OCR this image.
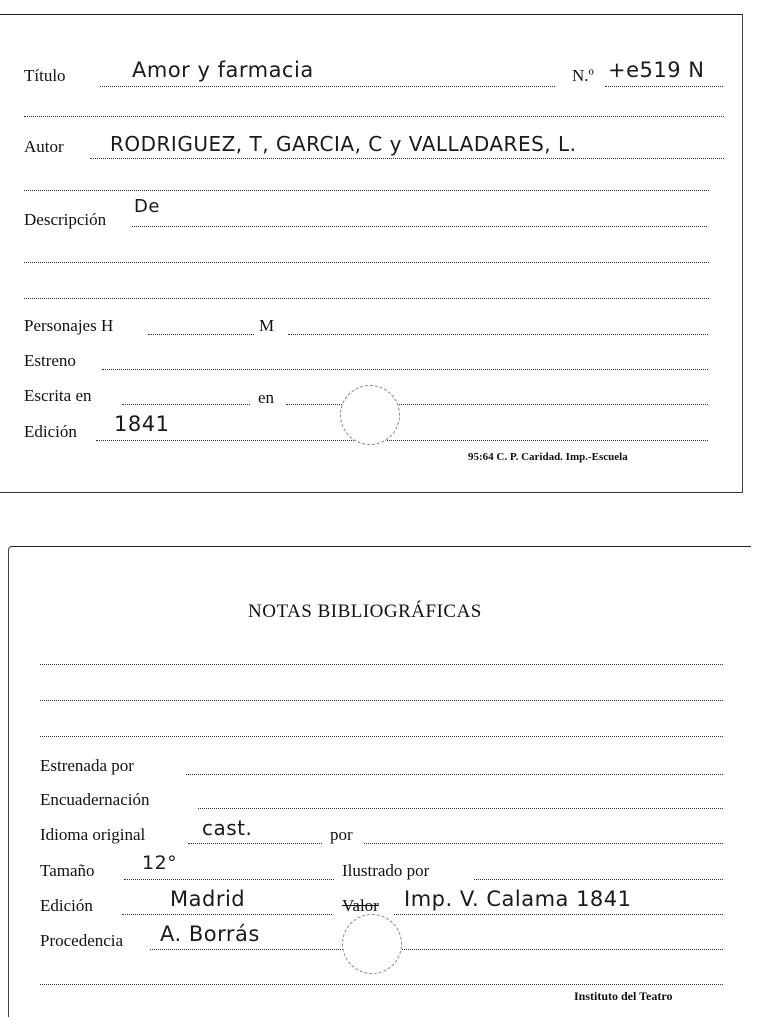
Título	Amor y farmacia	N.º +e519 N
Autor RODRIGUEZ, T, GARCIA, C y VALLADARES, L.
Descripción
De
Personajes H	M
Estreno
Escrita en	en
Edición 1841
95:64 C. P. Caridad. Imp.-Escuela
NOTAS BIBLIOGRÁFICAS
Estrenada por
Encuadernación
Idioma original	cast.	por
Tamaño 12°	Ilustrado por
Edición	Madrid	Valor Imp. V. Calama 1841
Procedencia A. Borrás
Instituto del Teatro
